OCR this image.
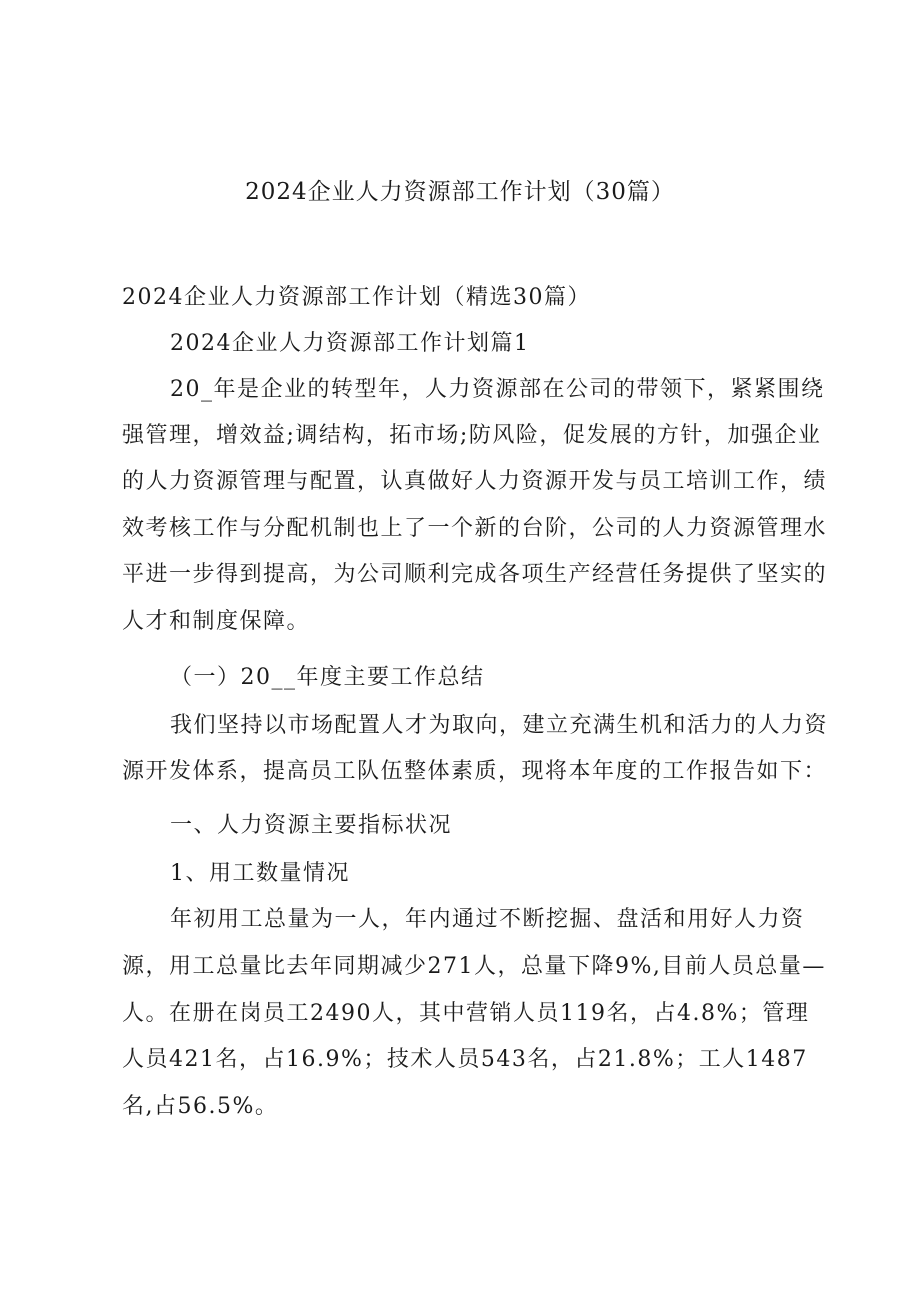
2024企业人力资源部工作计划（30篇）
2024企业人力资源部工作计划（精选30篇）
2024企业人力资源部工作计划篇1
20_年是企业的转型年，人力资源部在公司的带领下，紧紧围绕
强管理，增效益;调结构，拓市场;防风险，促发展的方针，加强企业
的人力资源管理与配置，认真做好人力资源开发与员工培训工作，绩
效考核工作与分配机制也上了一个新的台阶，公司的人力资源管理水
平进一步得到提高，为公司顺利完成各项生产经营任务提供了坚实的
人才和制度保障。
（一）20__年度主要工作总结
我们坚持以市场配置人才为取向，建立充满生机和活力的人力资
源开发体系，提高员工队伍整体素质，现将本年度的工作报告如下：
一、人力资源主要指标状况
1、用工数量情况
年初用工总量为一人，年内通过不断挖掘、盘活和用好人力资
源，用工总量比去年同期减少271人，总量下降9%,目前人员总量—
人。在册在岗员工2490人，其中营销人员119名，占4.8%；管理
人员421名，占16.9%；技术人员543名，占21.8%；工人1487
名,占56.5%。
